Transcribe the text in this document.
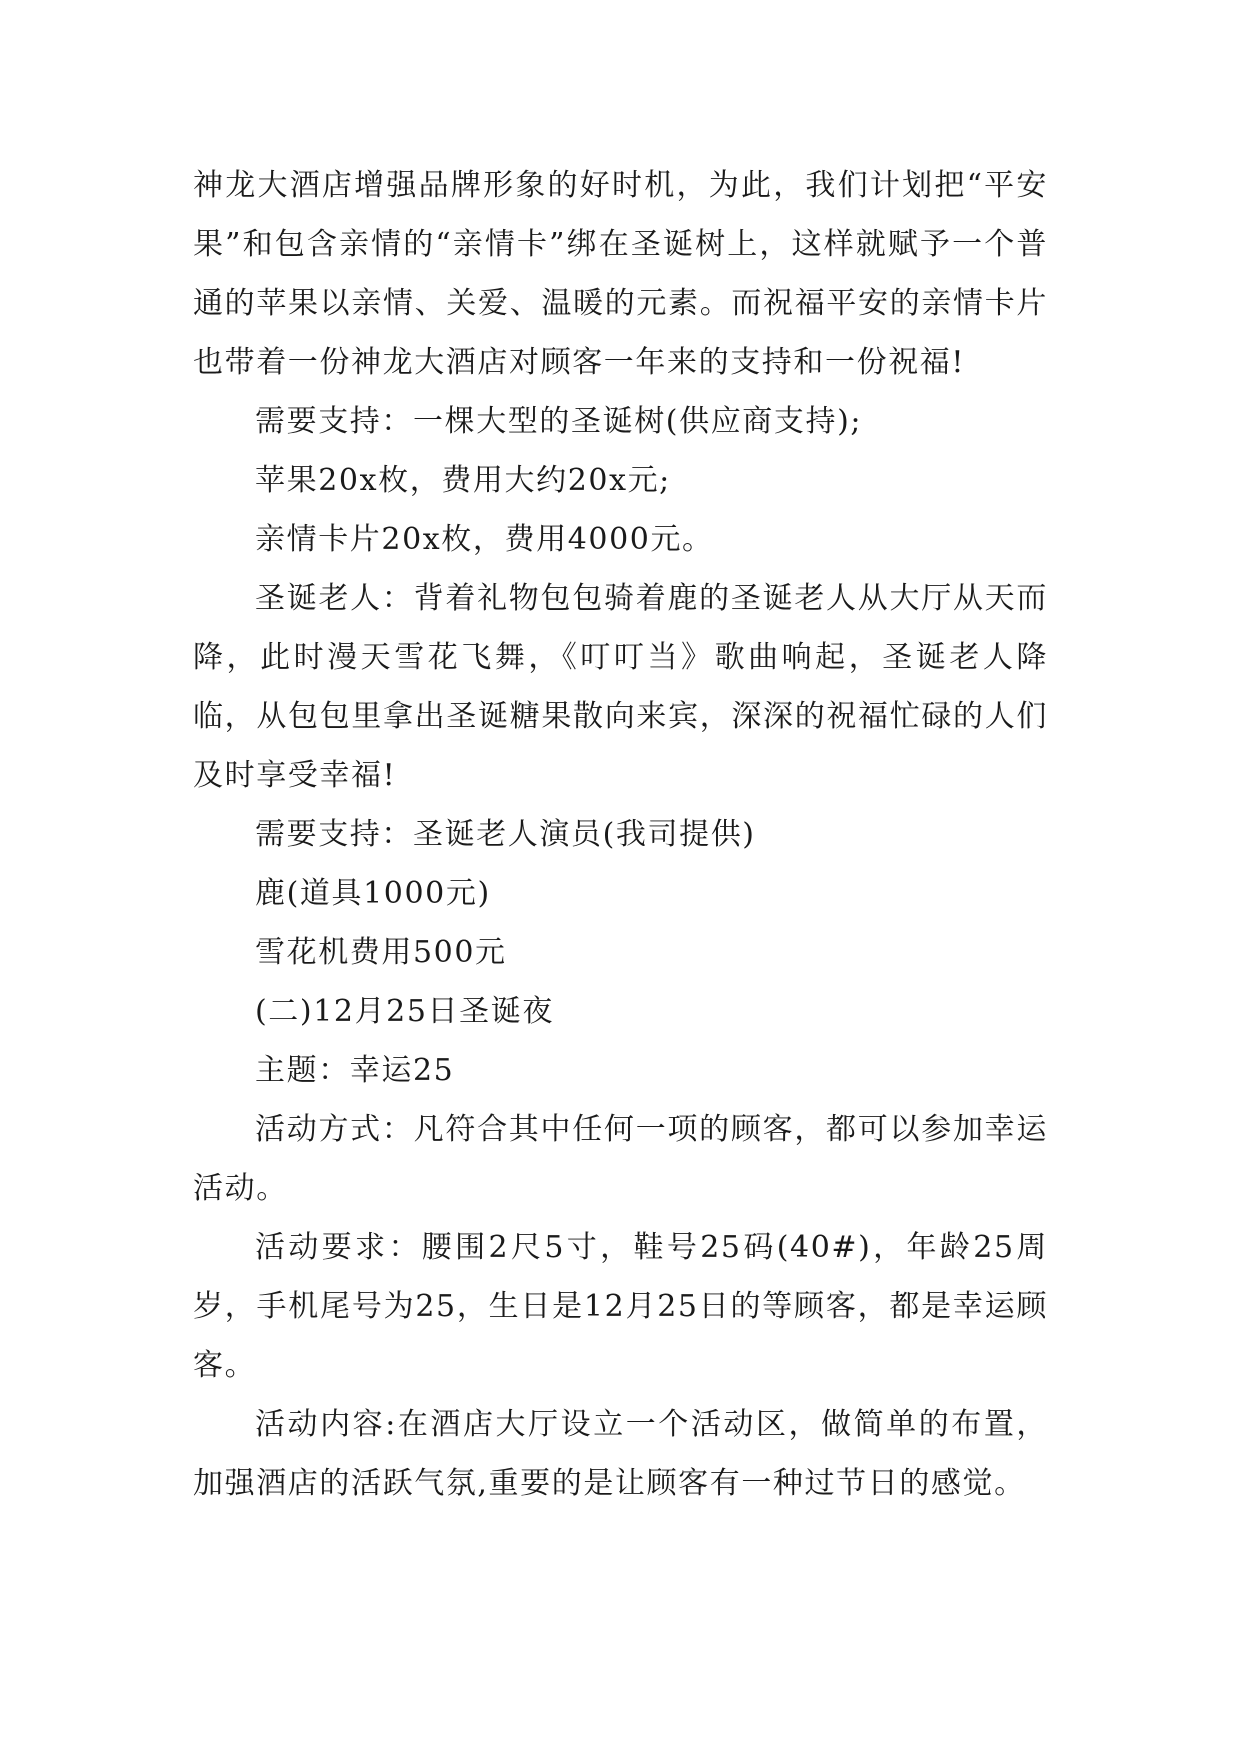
神龙大酒店增强品牌形象的好时机，为此，我们计划把“平安果”和包含亲情的“亲情卡”绑在圣诞树上，这样就赋予一个普通的苹果以亲情、关爱、温暖的元素。而祝福平安的亲情卡片也带着一份神龙大酒店对顾客一年来的支持和一份祝福!

需要支持：一棵大型的圣诞树(供应商支持);

苹果20x枚，费用大约20x元;

亲情卡片20x枚，费用4000元。

圣诞老人：背着礼物包包骑着鹿的圣诞老人从大厅从天而降，此时漫天雪花飞舞，《叮叮当》歌曲响起，圣诞老人降临，从包包里拿出圣诞糖果散向来宾，深深的祝福忙碌的人们及时享受幸福!

需要支持：圣诞老人演员(我司提供)

鹿(道具1000元)

雪花机费用500元

(二)12月25日圣诞夜

主题：幸运25

活动方式：凡符合其中任何一项的顾客，都可以参加幸运活动。

活动要求：腰围2尺5寸，鞋号25码(40#)，年龄25周岁，手机尾号为25，生日是12月25日的等顾客，都是幸运顾客。

活动内容:在酒店大厅设立一个活动区，做简单的布置，加强酒店的活跃气氛,重要的是让顾客有一种过节日的感觉。
